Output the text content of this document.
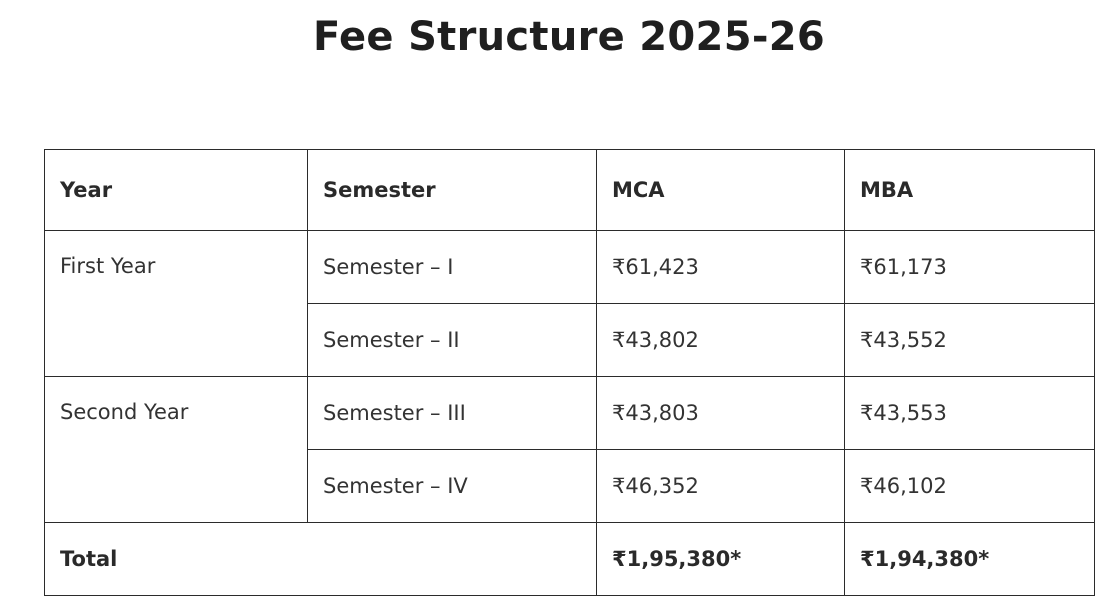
Fee Structure 2025-26
Year	Semester	MCA	MBA
First Year	Semester – I	₹61,423	₹61,173
	Semester – II	₹43,802	₹43,552
Second Year	Semester – III	₹43,803	₹43,553
	Semester – IV	₹46,352	₹46,102
Total		₹1,95,380*	₹1,94,380*
